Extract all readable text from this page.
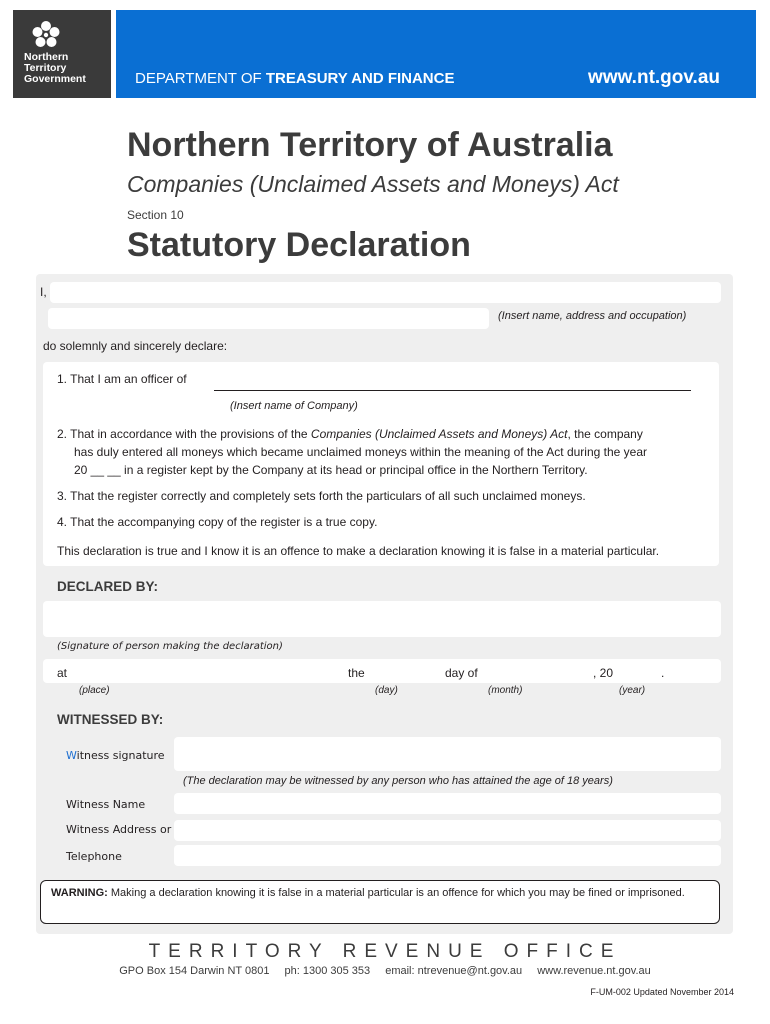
Northern
Territory
Government	DEPARTMENT OF TREASURY AND FINANCE	www.nt.gov.au
Northern Territory of Australia
Companies (Unclaimed Assets and Moneys) Act
Section 10
Statutory Declaration
I,
(Insert name, address and occupation)
do solemnly and sincerely declare:
1. That I am an officer of
(Insert name of Company)
2. That in accordance with the provisions of the Companies (Unclaimed Assets and Moneys) Act, the company
has duly entered all moneys which became unclaimed moneys within the meaning of the Act during the year
20 __ __ in a register kept by the Company at its head or principal office in the Northern Territory.
3. That the register correctly and completely sets forth the particulars of all such unclaimed moneys.
4. That the accompanying copy of the register is a true copy.
This declaration is true and I know it is an offence to make a declaration knowing it is false in a material particular.
DECLARED BY:
(Signature of person making the declaration)
at	the	day of	, 20	.
(place)	(day)	(month)	(year)
WITNESSED BY:
Witness signature
(The declaration may be witnessed by any person who has attained the age of 18 years)
Witness Name
Witness Address or
Telephone
WARNING: Making a declaration knowing it is false in a material particular is an offence for which you may be fined or imprisoned.
TERRITORY REVENUE OFFICE
GPO Box 154 Darwin NT 0801 ph: 1300 305 353 email: ntrevenue@nt.gov.au www.revenue.nt.gov.au
F-UM-002 Updated November 2014
